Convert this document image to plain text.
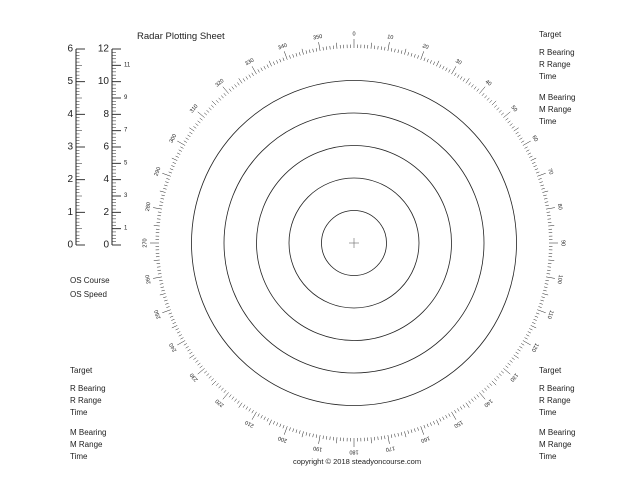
Radar Plotting Sheet	0	10
20
30
40
50
60
70
80
90
100
110
120
130
140
150
160
170
180
190
200
210
220
230
240
250
260
270
280
290
300
310
320
330
340
350
0
1
2
3
4
5
6
0
1
2
3
4
5
6
7
8
9
10
11
12
OS Course
OS Speed
Target
R Bearing
R Range
Time
M Bearing
M Range
Time
Target
R Bearing
R Range
Time
M Bearing
M Range
Time
Target
R Bearing
R Range
Time
M Bearing
M Range
Time
copyright © 2018 steadyoncourse.com
